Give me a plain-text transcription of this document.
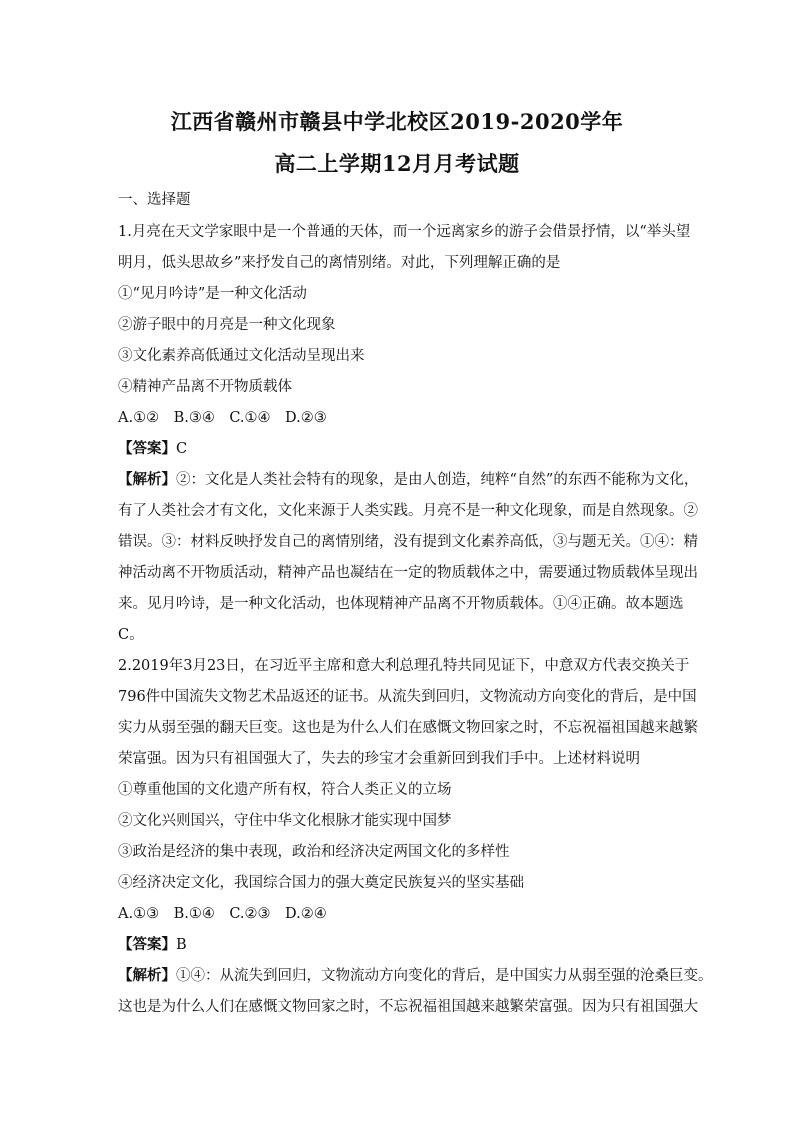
江西省赣州市赣县中学北校区2019-2020学年
高二上学期12月月考试题
一、选择题
1.月亮在天文学家眼中是一个普通的天体，而一个远离家乡的游子会借景抒情，以“举头望
明月，低头思故乡”来抒发自己的离情别绪。对此，下列理解正确的是
①“见月吟诗”是一种文化活动
②游子眼中的月亮是一种文化现象
③文化素养高低通过文化活动呈现出来
④精神产品离不开物质载体
A.①②　B.③④　C.①④　D.②③
【答案】C
【解析】②：文化是人类社会特有的现象，是由人创造，纯粹“自然”的东西不能称为文化，
有了人类社会才有文化，文化来源于人类实践。月亮不是一种文化现象，而是自然现象。②
错误。③：材料反映抒发自己的离情别绪，没有提到文化素养高低，③与题无关。①④：精
神活动离不开物质活动，精神产品也凝结在一定的物质载体之中，需要通过物质载体呈现出
来。见月吟诗，是一种文化活动，也体现精神产品离不开物质载体。①④正确。故本题选
C。
2.2019年3月23日，在习近平主席和意大利总理孔特共同见证下，中意双方代表交换关于
796件中国流失文物艺术品返还的证书。从流失到回归，文物流动方向变化的背后，是中国
实力从弱至强的翻天巨变。这也是为什么人们在感慨文物回家之时，不忘祝福祖国越来越繁
荣富强。因为只有祖国强大了，失去的珍宝才会重新回到我们手中。上述材料说明
①尊重他国的文化遗产所有权，符合人类正义的立场
②文化兴则国兴，守住中华文化根脉才能实现中国梦
③政治是经济的集中表现，政治和经济决定两国文化的多样性
④经济决定文化，我国综合国力的强大奠定民族复兴的坚实基础
A.①③　B.①④　C.②③　D.②④
【答案】B
【解析】①④：从流失到回归，文物流动方向变化的背后，是中国实力从弱至强的沧桑巨变。
这也是为什么人们在感慨文物回家之时，不忘祝福祖国越来越繁荣富强。因为只有祖国强大
